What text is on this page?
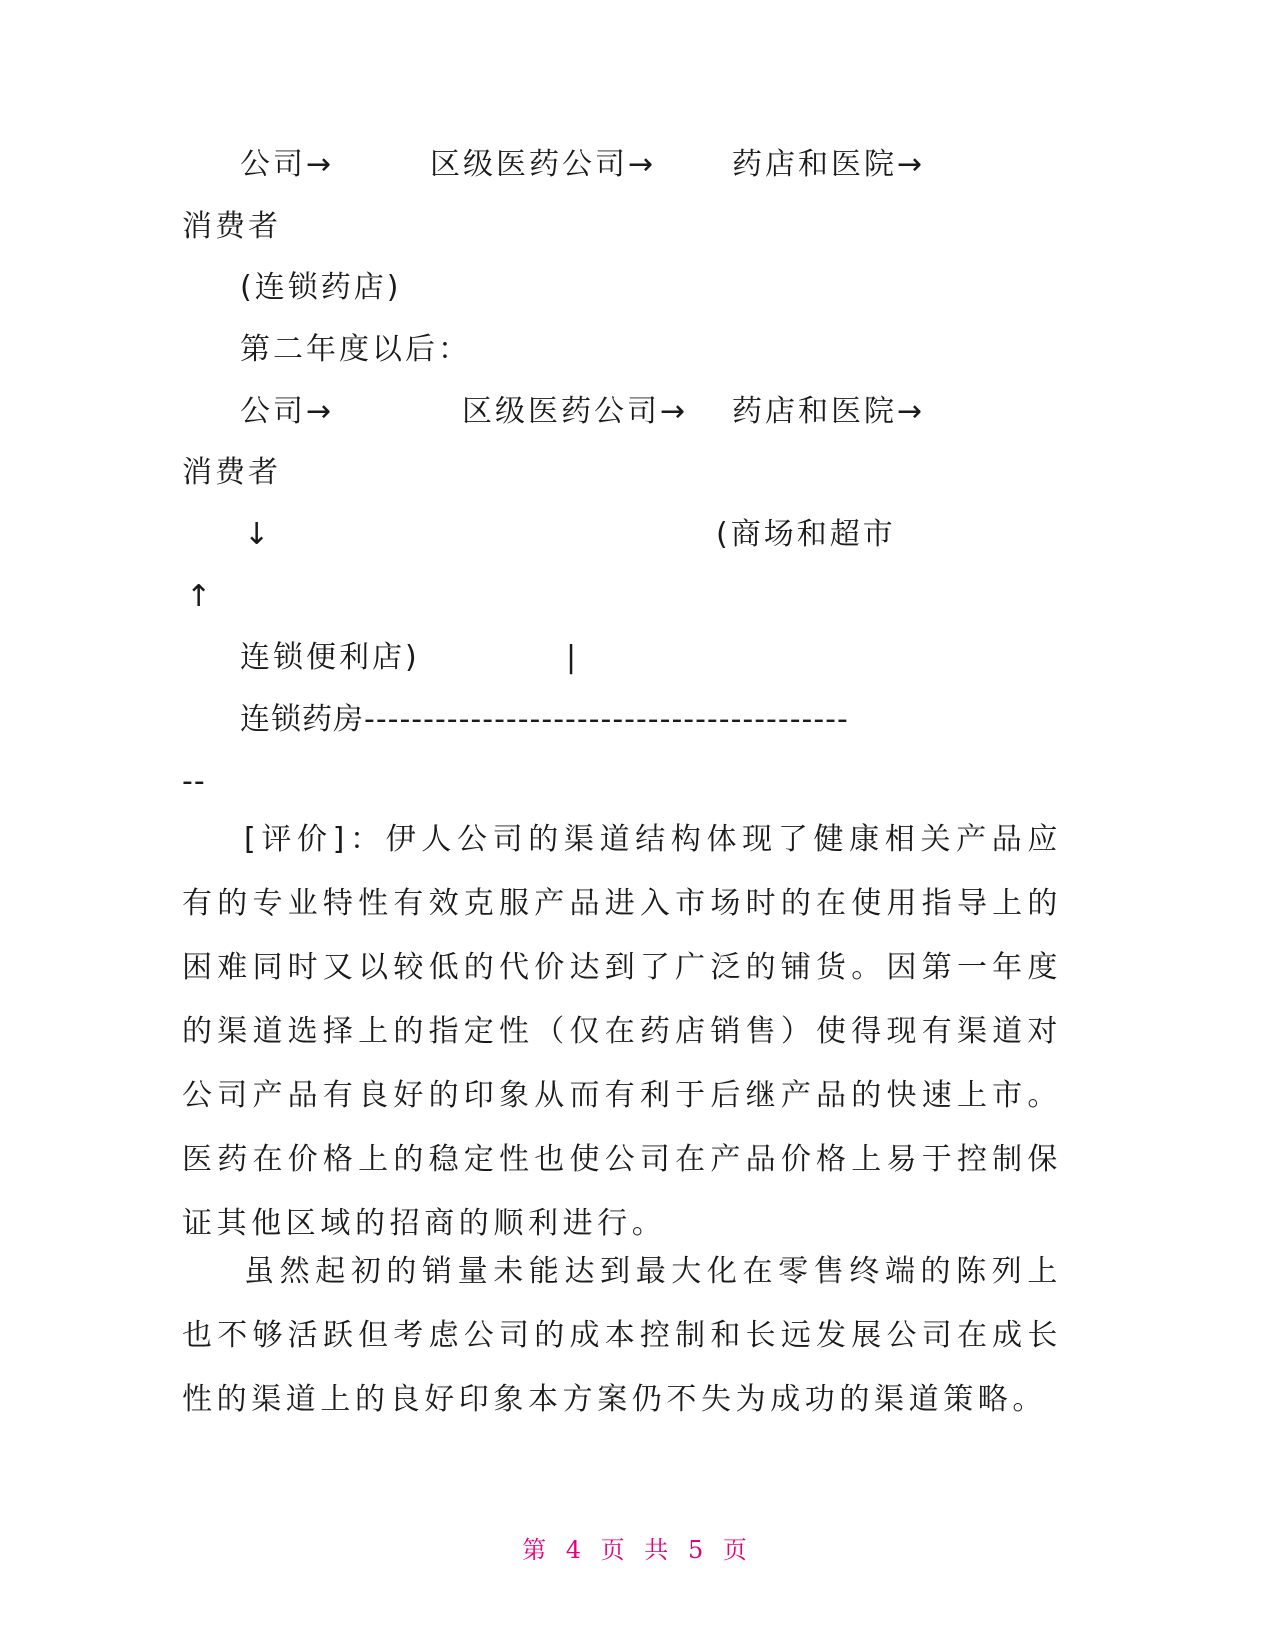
公司→	区级医药公司→	药店和医院→
消费者
(连锁药店)
第二年度以后：
公司→	区级医药公司→ 药店和医院→
消费者
↓	(商场和超市
↑
连锁便利店)	|
连锁药房-----------------------------------------
--
[评价]：伊人公司的渠道结构体现了健康相关产品应有的专业特性有效克服产品进入市场时的在使用指导上的困难同时又以较低的代价达到了广泛的铺货。因第一年度的渠道选择上的指定性（仅在药店销售）使得现有渠道对公司产品有良好的印象从而有利于后继产品的快速上市。医药在价格上的稳定性也使公司在产品价格上易于控制保证其他区域的招商的顺利进行。
虽然起初的销量未能达到最大化在零售终端的陈列上也不够活跃但考虑公司的成本控制和长远发展公司在成长性的渠道上的良好印象本方案仍不失为成功的渠道策略。
第 4 页 共 5 页
